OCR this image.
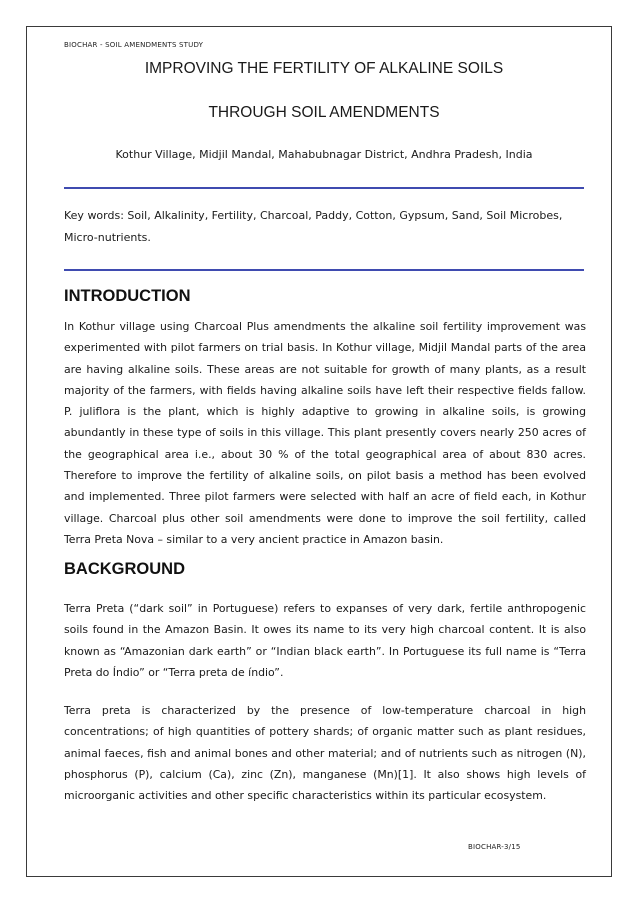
BIOCHAR - SOIL AMENDMENTS STUDY
IMPROVING THE FERTILITY OF ALKALINE SOILS
THROUGH SOIL AMENDMENTS
Kothur Village, Midjil Mandal, Mahabubnagar District, Andhra Pradesh, India
Key words: Soil, Alkalinity, Fertility, Charcoal, Paddy, Cotton, Gypsum, Sand, Soil Microbes, Micro-nutrients.
INTRODUCTION

In Kothur village using Charcoal Plus amendments the alkaline soil fertility improvement was experimented with pilot farmers on trial basis. In Kothur village, Midjil Mandal parts of the area are having alkaline soils. These areas are not suitable for growth of many plants, as a result majority of the farmers, with fields having alkaline soils have left their respective fields fallow. P. juliflora is the plant, which is highly adaptive to growing in alkaline soils, is growing abundantly in these type of soils in this village. This plant presently covers nearly 250 acres of the geographical area i.e., about 30 % of the total geographical area of about 830 acres. Therefore to improve the fertility of alkaline soils, on pilot basis a method has been evolved and implemented. Three pilot farmers were selected with half an acre of field each, in Kothur village. Charcoal plus other soil amendments were done to improve the soil fertility, called Terra Preta Nova – similar to a very ancient practice in Amazon basin.

BACKGROUND

Terra Preta (“dark soil” in Portuguese) refers to expanses of very dark, fertile anthropogenic soils found in the Amazon Basin. It owes its name to its very high charcoal content. It is also known as “Amazonian dark earth” or “Indian black earth”. In Portuguese its full name is “Terra Preta do Índio” or “Terra preta de índio”.

Terra preta is characterized by the presence of low-temperature charcoal in high concentrations; of high quantities of pottery shards; of organic matter such as plant residues, animal faeces, fish and animal bones and other material; and of nutrients such as nitrogen (N), phosphorus (P), calcium (Ca), zinc (Zn), manganese (Mn)[1]. It also shows high levels of microorganic activities and other specific characteristics within its particular ecosystem.

BIOCHAR-3/15
